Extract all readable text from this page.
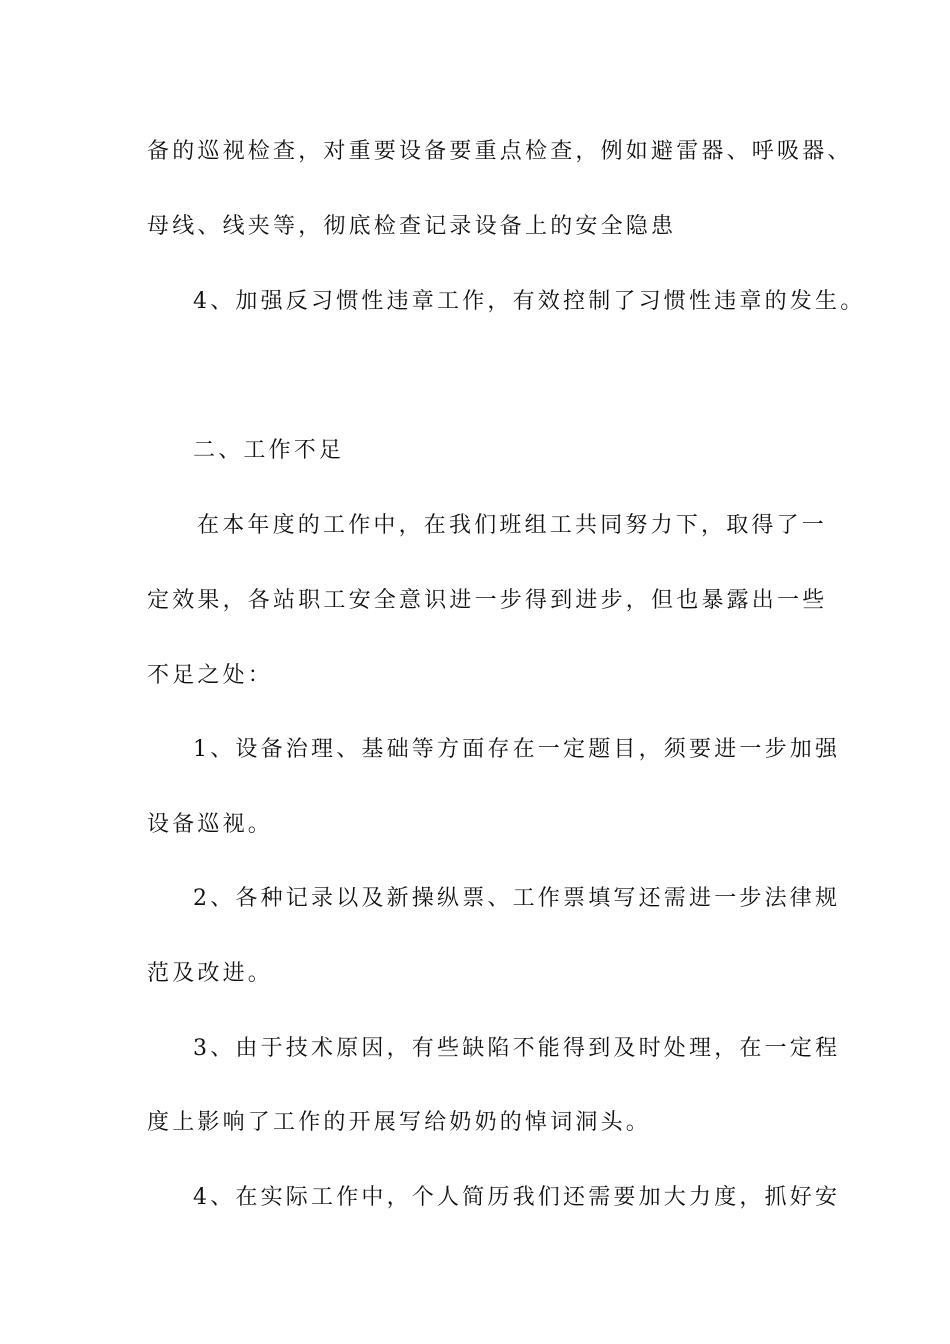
备的巡视检查，对重要设备要重点检查，例如避雷器、呼吸器、
母线、线夹等，彻底检查记录设备上的安全隐患
4、加强反习惯性违章工作，有效控制了习惯性违章的发生。
二、工作不足
在本年度的工作中，在我们班组工共同努力下，取得了一
定效果，各站职工安全意识进一步得到进步，但也暴露出一些
不足之处：
1、设备治理、基础等方面存在一定题目，须要进一步加强
设备巡视。
2、各种记录以及新操纵票、工作票填写还需进一步法律规
范及改进。
3、由于技术原因，有些缺陷不能得到及时处理，在一定程
度上影响了工作的开展写给奶奶的悼词洞头。
4、在实际工作中，个人简历我们还需要加大力度，抓好安
